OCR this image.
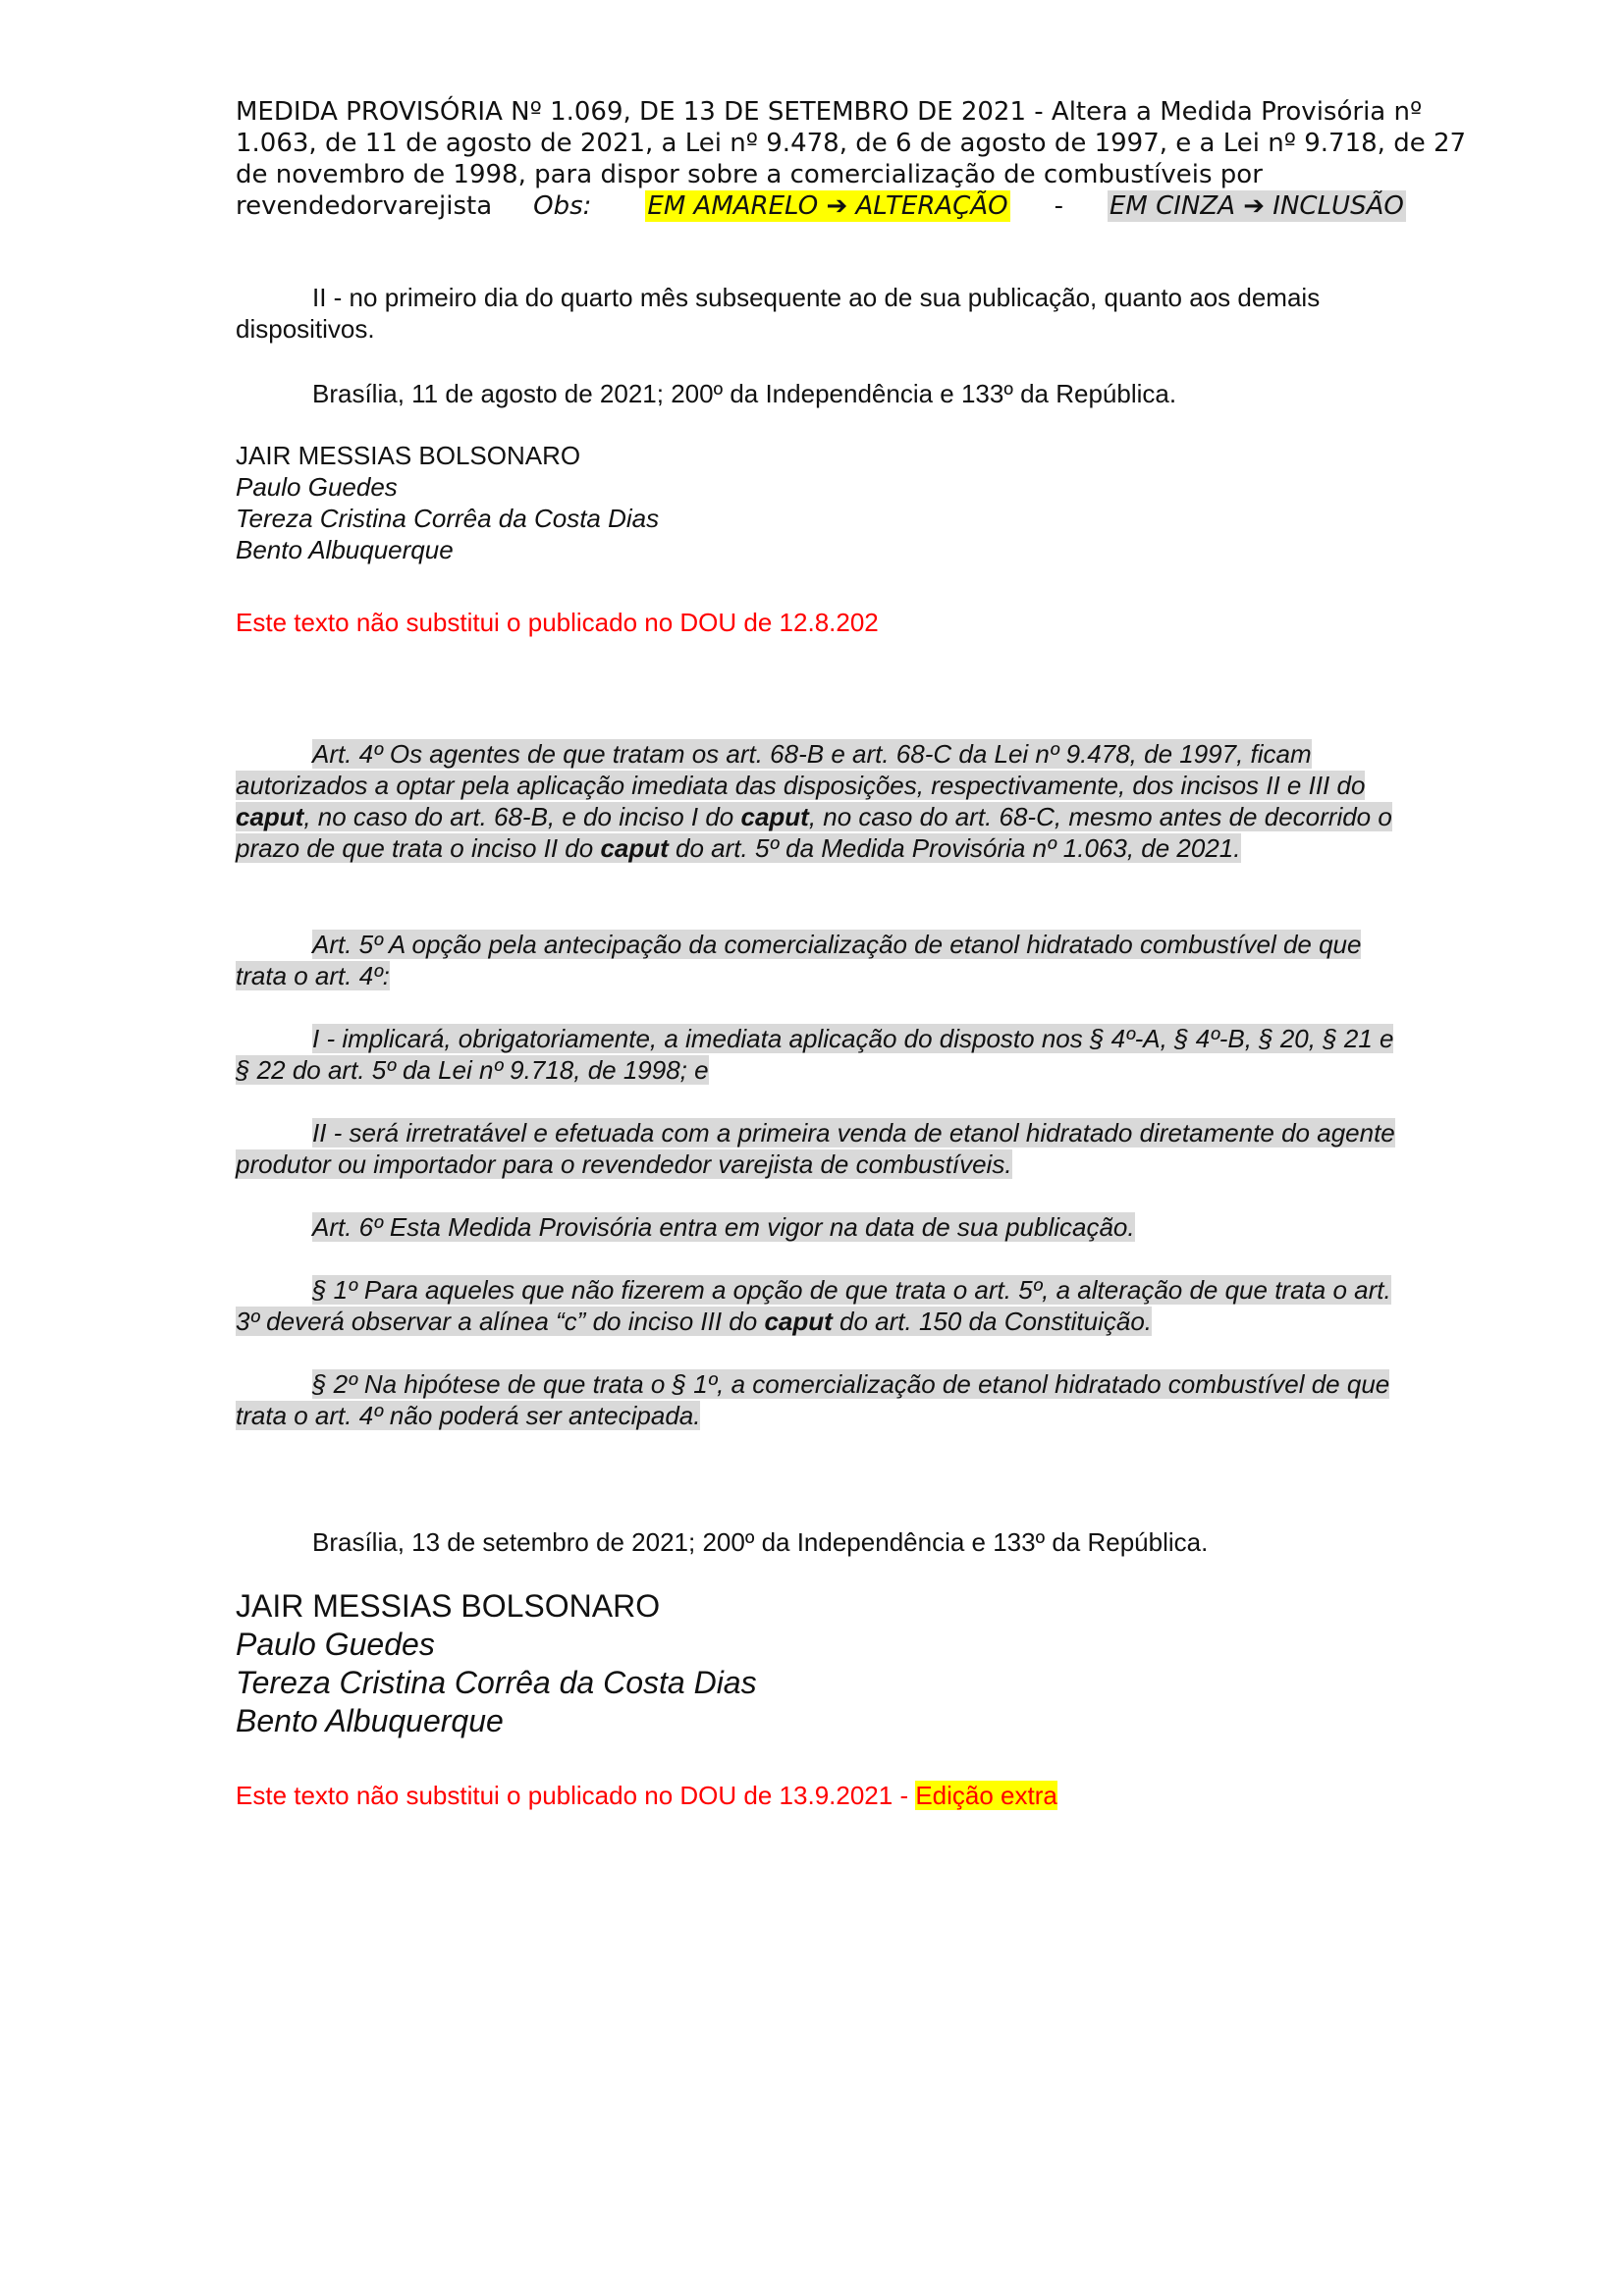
MEDIDA PROVISÓRIA Nº 1.069, DE 13 DE SETEMBRO DE 2021 - Altera a Medida Provisória nº
1.063, de 11 de agosto de 2021, a Lei nº 9.478, de 6 de agosto de 1997, e a Lei nº 9.718, de 27
de novembro de 1998, para dispor sobre a comercialização de combustíveis por
revendedorvarejista Obs: EM AMARELO ➔ ALTERAÇÃO - EM CINZA ➔ INCLUSÃO
II - no primeiro dia do quarto mês subsequente ao de sua publicação, quanto aos demais dispositivos.
Brasília, 11 de agosto de 2021; 200º da Independência e 133º da República.
JAIR MESSIAS BOLSONARO
Paulo Guedes
Tereza Cristina Corrêa da Costa Dias
Bento Albuquerque
Este texto não substitui o publicado no DOU de 12.8.202
Art. 4º Os agentes de que tratam os art. 68-B e art. 68-C da Lei nº 9.478, de 1997, ficam autorizados a optar pela aplicação imediata das disposições, respectivamente, dos incisos II e III do caput, no caso do art. 68-B, e do inciso I do caput, no caso do art. 68-C, mesmo antes de decorrido o prazo de que trata o inciso II do caput do art. 5º da Medida Provisória nº 1.063, de 2021.
Art. 5º A opção pela antecipação da comercialização de etanol hidratado combustível de que trata o art. 4º:
I - implicará, obrigatoriamente, a imediata aplicação do disposto nos § 4º-A, § 4º-B, § 20, § 21 e § 22 do art. 5º da Lei nº 9.718, de 1998; e
II - será irretratável e efetuada com a primeira venda de etanol hidratado diretamente do agente produtor ou importador para o revendedor varejista de combustíveis.
Art. 6º Esta Medida Provisória entra em vigor na data de sua publicação.
§ 1º Para aqueles que não fizerem a opção de que trata o art. 5º, a alteração de que trata o art. 3º deverá observar a alínea “c” do inciso III do caput do art. 150 da Constituição.
§ 2º Na hipótese de que trata o § 1º, a comercialização de etanol hidratado combustível de que trata o art. 4º não poderá ser antecipada.
Brasília, 13 de setembro de 2021; 200º da Independência e 133º da República.
JAIR MESSIAS BOLSONARO
Paulo Guedes
Tereza Cristina Corrêa da Costa Dias
Bento Albuquerque
Este texto não substitui o publicado no DOU de 13.9.2021 - Edição extra
